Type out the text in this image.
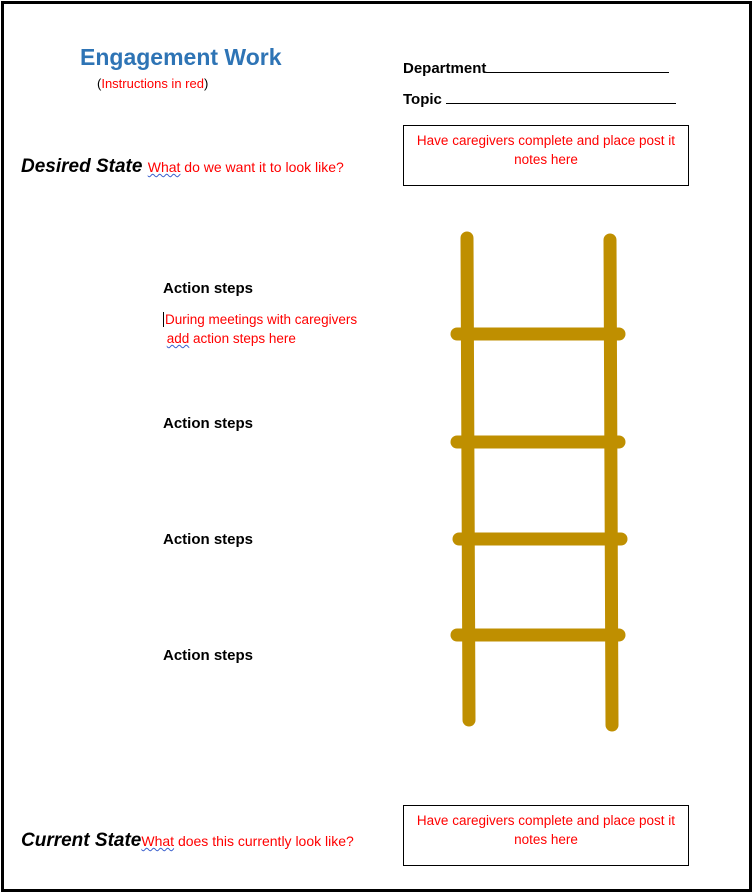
Engagement Work
(Instructions in red)
Department
Topic
Desired State What do we want it to look like?
Have caregivers complete and place post it notes here
Action steps
During meetings with caregivers
add action steps here
Action steps
Action steps
Action steps
Current StateWhat does this currently look like?
Have caregivers complete and place post it notes here
